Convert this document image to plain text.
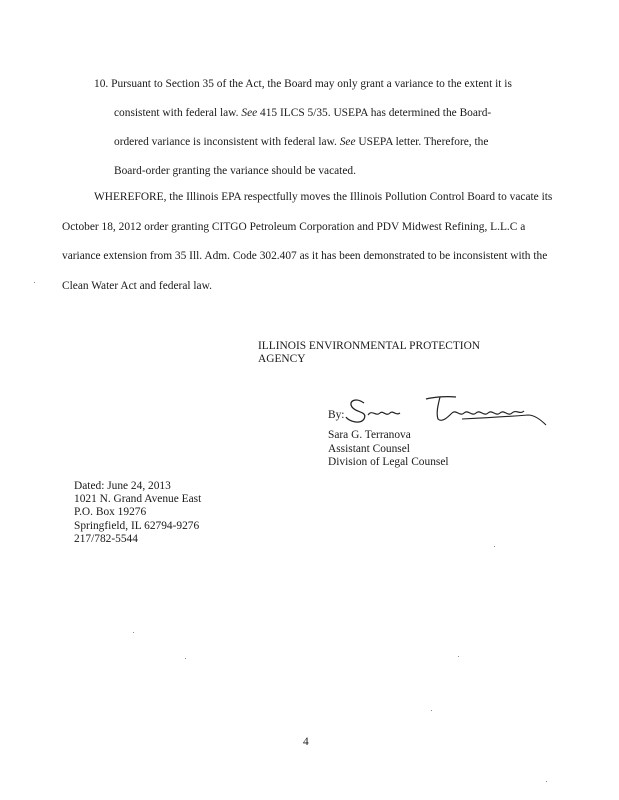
10. Pursuant to Section 35 of the Act, the Board may only grant a variance to the extent it is
consistent with federal law. See 415 ILCS 5/35. USEPA has determined the Board-
ordered variance is inconsistent with federal law. See USEPA letter. Therefore, the
Board-order granting the variance should be vacated.
WHEREFORE, the Illinois EPA respectfully moves the Illinois Pollution Control Board to vacate its October 18, 2012 order granting CITGO Petroleum Corporation and PDV Midwest Refining, L.L.C a variance extension from 35 Ill. Adm. Code 302.407 as it has been demonstrated to be inconsistent with the Clean Water Act and federal law.
ILLINOIS ENVIRONMENTAL PROTECTION
AGENCY
By:
Sara G. Terranova
Assistant Counsel
Division of Legal Counsel
Dated: June 24, 2013
1021 N. Grand Avenue East
P.O. Box 19276
Springfield, IL 62794-9276
217/782-5544
4
